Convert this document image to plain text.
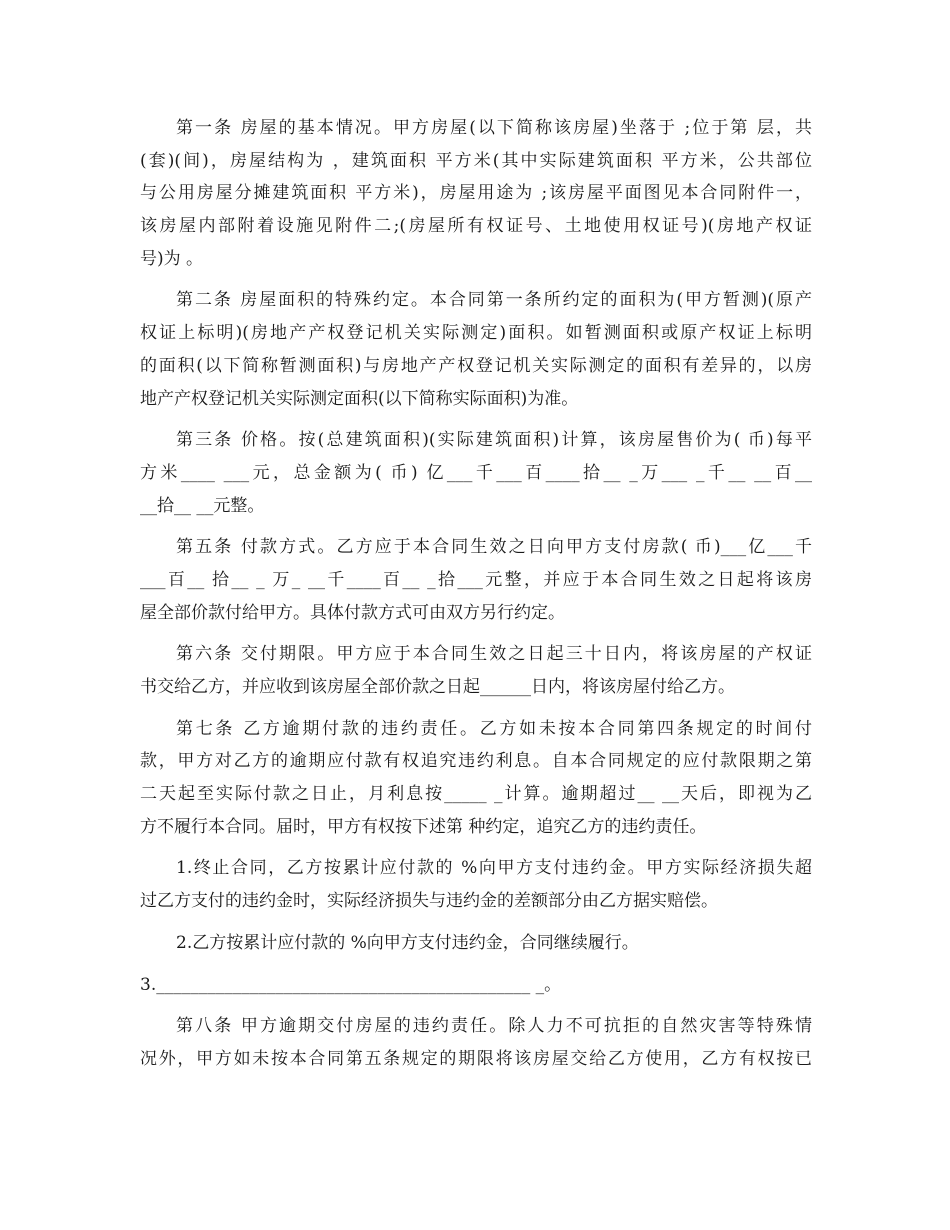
第一条 房屋的基本情况。甲方房屋(以下简称该房屋)坐落于 ;位于第 层，共
(套)(间)，房屋结构为 ，建筑面积 平方米(其中实际建筑面积 平方米，公共部位
与公用房屋分摊建筑面积 平方米)，房屋用途为 ;该房屋平面图见本合同附件一，
该房屋内部附着设施见附件二;(房屋所有权证号、土地使用权证号)(房地产权证
号)为 。
第二条 房屋面积的特殊约定。本合同第一条所约定的面积为(甲方暂测)(原产
权证上标明)(房地产产权登记机关实际测定)面积。如暂测面积或原产权证上标明
的面积(以下简称暂测面积)与房地产产权登记机关实际测定的面积有差异的，以房
地产产权登记机关实际测定面积(以下简称实际面积)为准。
第三条 价格。按(总建筑面积)(实际建筑面积)计算，该房屋售价为( 币)每平
方米____ ___元，总金额为( 币) 亿___千___百____拾__ _万___ _千__ __百__
__拾__ __元整。
第五条 付款方式。乙方应于本合同生效之日向甲方支付房款( 币)___亿___千
___百__ 拾__ _ 万_ __千____百__ _拾___元整，并应于本合同生效之日起将该房
屋全部价款付给甲方。具体付款方式可由双方另行约定。
第六条 交付期限。甲方应于本合同生效之日起三十日内，将该房屋的产权证
书交给乙方，并应收到该房屋全部价款之日起______日内，将该房屋付给乙方。
第七条 乙方逾期付款的违约责任。乙方如未按本合同第四条规定的时间付
款，甲方对乙方的逾期应付款有权追究违约利息。自本合同规定的应付款限期之第
二天起至实际付款之日止，月利息按_____ _计算。逾期超过__ __天后，即视为乙
方不履行本合同。届时，甲方有权按下述第 种约定，追究乙方的违约责任。
1.终止合同，乙方按累计应付款的 %向甲方支付违约金。甲方实际经济损失超
过乙方支付的违约金时，实际经济损失与违约金的差额部分由乙方据实赔偿。
2.乙方按累计应付款的 %向甲方支付违约金，合同继续履行。
3.____________________________________________ _。
第八条 甲方逾期交付房屋的违约责任。除人力不可抗拒的自然灾害等特殊情
况外，甲方如未按本合同第五条规定的期限将该房屋交给乙方使用，乙方有权按已
